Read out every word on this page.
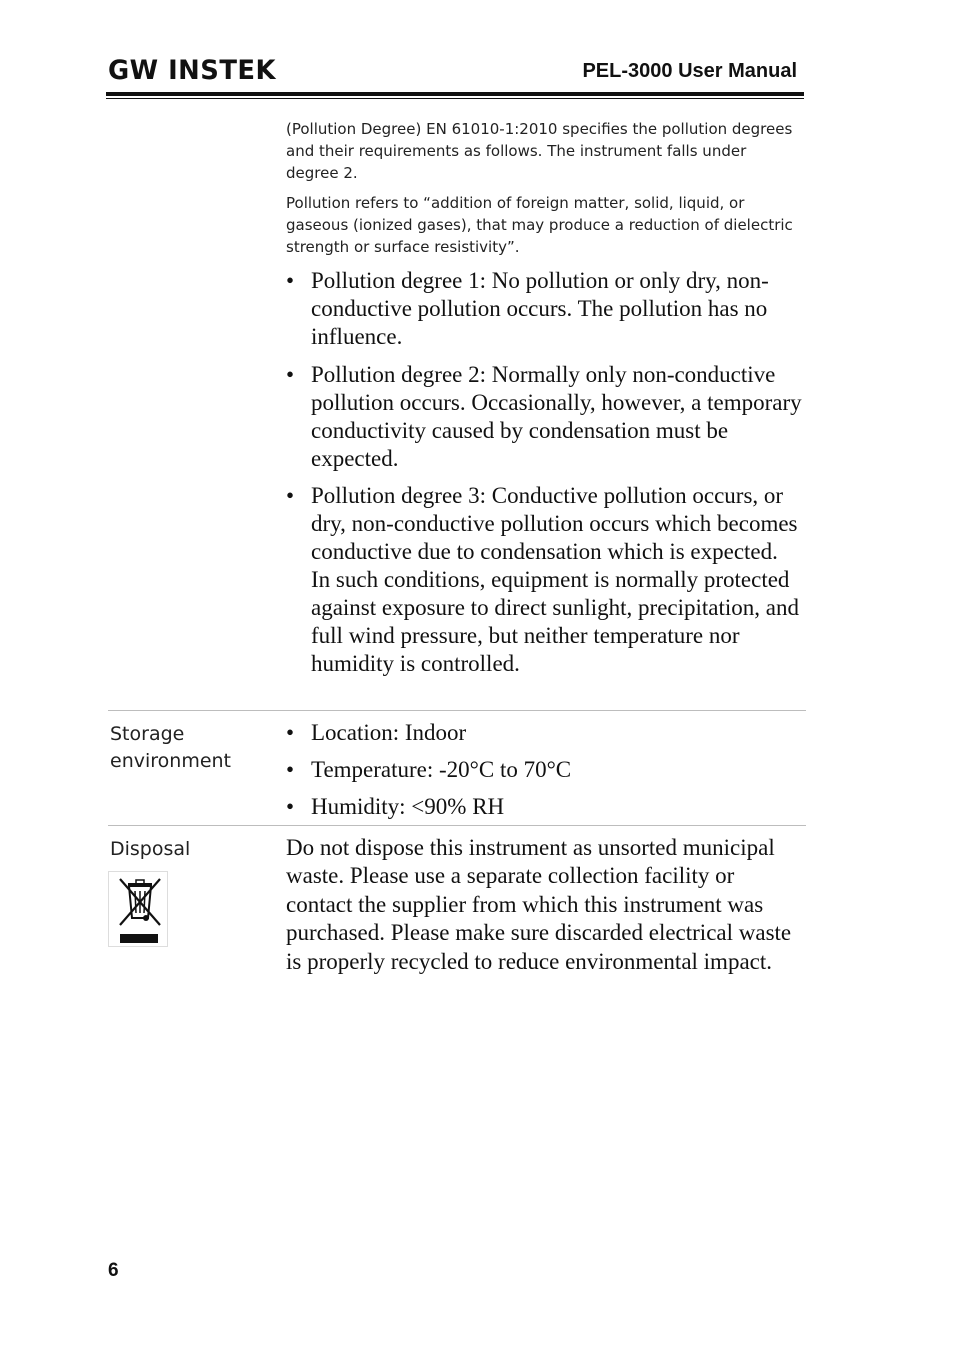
GW INSTEK	PEL-3000 User Manual
(Pollution Degree) EN 61010-1:2010 specifies the pollution degrees and their requirements as follows. The instrument falls under degree 2.
Pollution refers to “addition of foreign matter, solid, liquid, or gaseous (ionized gases), that may produce a reduction of dielectric strength or surface resistivity”.
• Pollution degree 1: No pollution or only dry, non-conductive pollution occurs. The pollution has no influence.
• Pollution degree 2: Normally only non-conductive pollution occurs. Occasionally, however, a temporary conductivity caused by condensation must be expected.
• Pollution degree 3: Conductive pollution occurs, or dry, non-conductive pollution occurs which becomes conductive due to condensation which is expected. In such conditions, equipment is normally protected against exposure to direct sunlight, precipitation, and full wind pressure, but neither temperature nor humidity is controlled.
Storage
environment
• Location: Indoor
• Temperature: -20°C to 70°C
• Humidity: <90% RH
Disposal	Do not dispose this instrument as unsorted municipal waste. Please use a separate collection facility or contact the supplier from which this instrument was purchased. Please make sure discarded electrical waste is properly recycled to reduce environmental impact.
6
